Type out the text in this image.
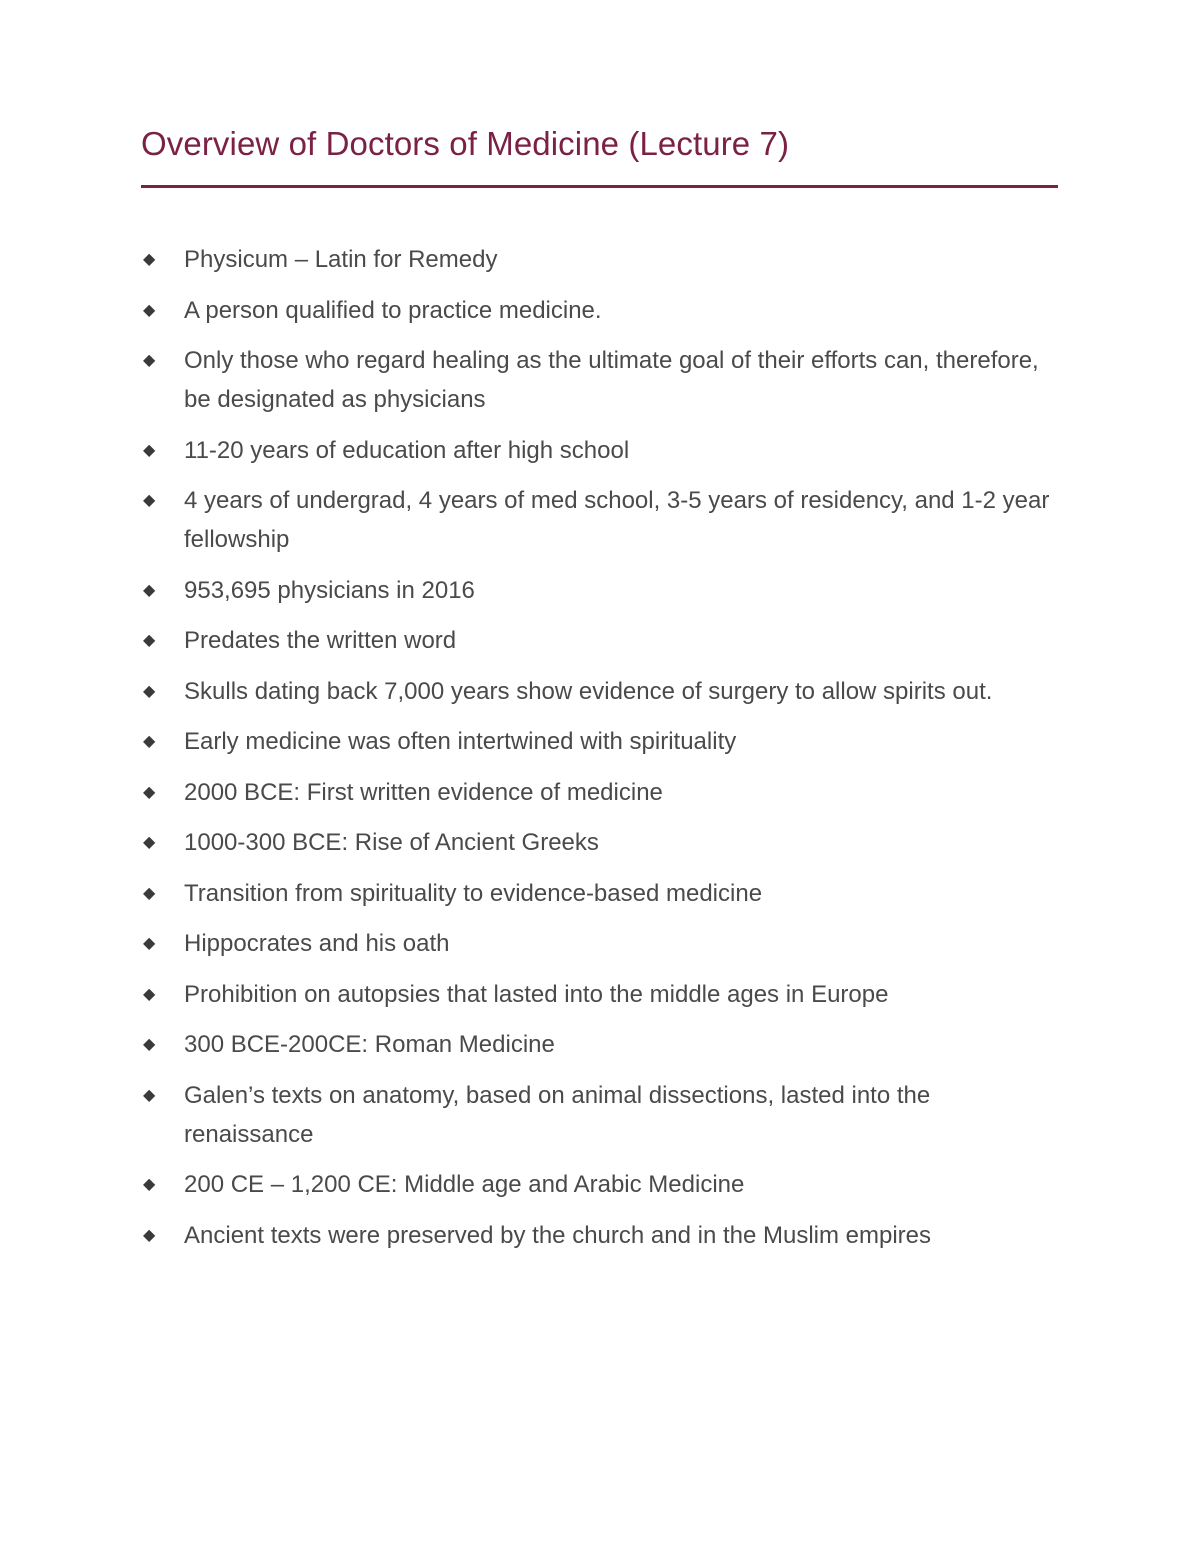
Overview of Doctors of Medicine (Lecture 7)
◆ Physicum – Latin for Remedy
◆ A person qualified to practice medicine.
◆ Only those who regard healing as the ultimate goal of their efforts can, therefore, be designated as physicians
◆ 11-20 years of education after high school
◆ 4 years of undergrad, 4 years of med school, 3-5 years of residency, and 1-2 year fellowship
◆ 953,695 physicians in 2016
◆ Predates the written word
◆ Skulls dating back 7,000 years show evidence of surgery to allow spirits out.
◆ Early medicine was often intertwined with spirituality
◆ 2000 BCE: First written evidence of medicine
◆ 1000-300 BCE: Rise of Ancient Greeks
◆ Transition from spirituality to evidence-based medicine
◆ Hippocrates and his oath
◆ Prohibition on autopsies that lasted into the middle ages in Europe
◆ 300 BCE-200CE: Roman Medicine
◆ Galen’s texts on anatomy, based on animal dissections, lasted into the renaissance
◆ 200 CE – 1,200 CE: Middle age and Arabic Medicine
◆ Ancient texts were preserved by the church and in the Muslim empires
